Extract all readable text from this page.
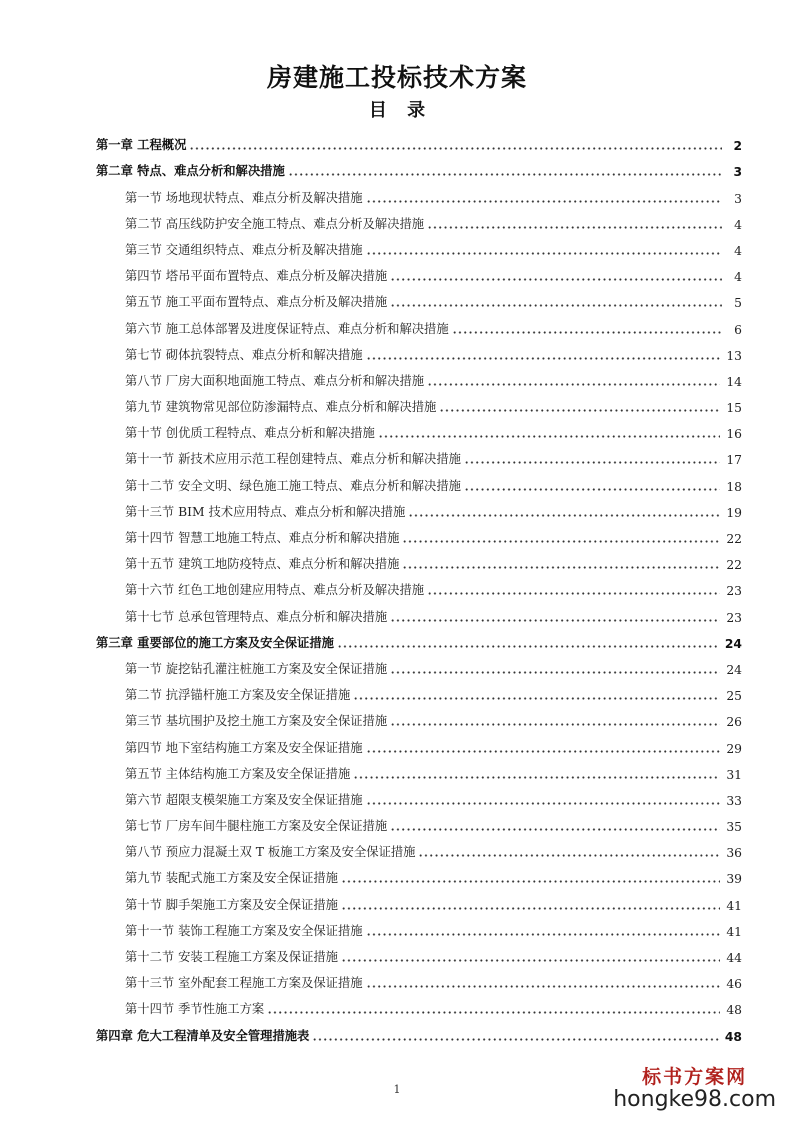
房建施工投标技术方案
目 录
第一章 工程概况	2
第二章 特点、难点分析和解决措施	3
第一节 场地现状特点、难点分析及解决措施	3
第二节 高压线防护安全施工特点、难点分析及解决措施	4
第三节 交通组织特点、难点分析及解决措施	4
第四节 塔吊平面布置特点、难点分析及解决措施	4
第五节 施工平面布置特点、难点分析及解决措施	5
第六节 施工总体部署及进度保证特点、难点分析和解决措施	6
第七节 砌体抗裂特点、难点分析和解决措施	13
第八节 厂房大面积地面施工特点、难点分析和解决措施	14
第九节 建筑物常见部位防渗漏特点、难点分析和解决措施	15
第十节 创优质工程特点、难点分析和解决措施	16
第十一节 新技术应用示范工程创建特点、难点分析和解决措施	17
第十二节 安全文明、绿色施工施工特点、难点分析和解决措施	18
第十三节 BIM 技术应用特点、难点分析和解决措施	19
第十四节 智慧工地施工特点、难点分析和解决措施	22
第十五节 建筑工地防疫特点、难点分析和解决措施	22
第十六节 红色工地创建应用特点、难点分析及解决措施	23
第十七节 总承包管理特点、难点分析和解决措施	23
第三章 重要部位的施工方案及安全保证措施	24
第一节 旋挖钻孔灌注桩施工方案及安全保证措施	24
第二节 抗浮锚杆施工方案及安全保证措施	25
第三节 基坑围护及挖土施工方案及安全保证措施	26
第四节 地下室结构施工方案及安全保证措施	29
第五节 主体结构施工方案及安全保证措施	31
第六节 超限支模架施工方案及安全保证措施	33
第七节 厂房车间牛腿柱施工方案及安全保证措施	35
第八节 预应力混凝土双 T 板施工方案及安全保证措施	36
第九节 装配式施工方案及安全保证措施	39
第十节 脚手架施工方案及安全保证措施	41
第十一节 装饰工程施工方案及安全保证措施	41
第十二节 安装工程施工方案及保证措施	44
第十三节 室外配套工程施工方案及保证措施	46
第十四节 季节性施工方案	48
第四章 危大工程清单及安全管理措施表	48
1
标书方案网
hongke98.com
